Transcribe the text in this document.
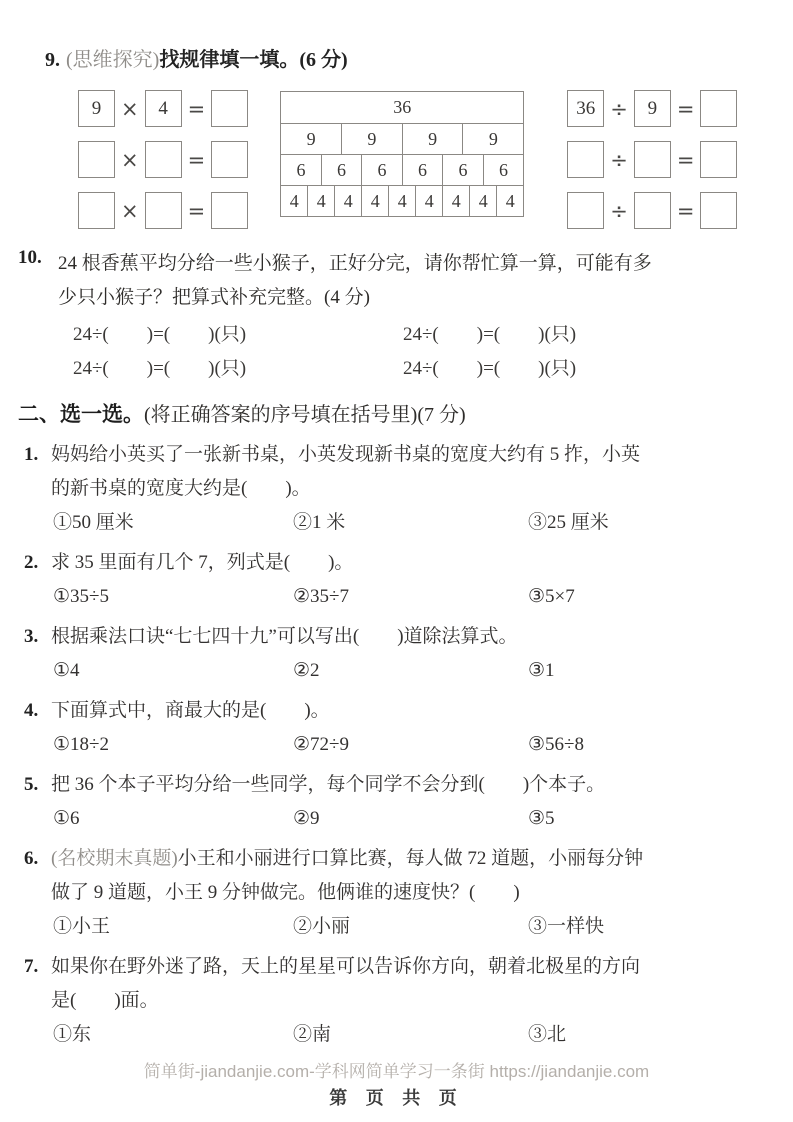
9. (思维探究)找规律填一填。(6 分)
9 ×	4 =
× =
× =
36
9	9	9	9
6	6	6	6	6	6
4	4	4	4	4	4	4	4	4
36 ÷	9 =
÷ =
÷ =
10. 24 根香蕉平均分给一些小猴子，正好分完，请你帮忙算一算，可能有多
少只小猴子？把算式补充完整。(4 分)
24÷(　　)=(　　)(只)	24÷(　　)=(　　)(只)
24÷(　　)=(　　)(只)	24÷(　　)=(　　)(只)
二、选一选。(将正确答案的序号填在括号里)(7 分)
1. 妈妈给小英买了一张新书桌，小英发现新书桌的宽度大约有 5 拃，小英
的新书桌的宽度大约是(　　)。
①50 厘米	②1 米	③25 厘米
2. 求 35 里面有几个 7，列式是(　　)。
①35÷5	②35÷7	③5×7
3. 根据乘法口诀“七七四十九”可以写出(　　)道除法算式。
①4	②2	③1
4. 下面算式中，商最大的是(　　)。
①18÷2	②72÷9	③56÷8
5. 把 36 个本子平均分给一些同学，每个同学不会分到(　　)个本子。
①6	②9	③5
6. (名校期末真题)小王和小丽进行口算比赛，每人做 72 道题，小丽每分钟
做了 9 道题，小王 9 分钟做完。他俩谁的速度快？(　　)
①小王	②小丽	③一样快
7. 如果你在野外迷了路，天上的星星可以告诉你方向，朝着北极星的方向
是(　　)面。
①东	②南	③北
简单街-jiandanjie.com-学科网简单学习一条街 https://jiandanjie.com
第 页 共 页
